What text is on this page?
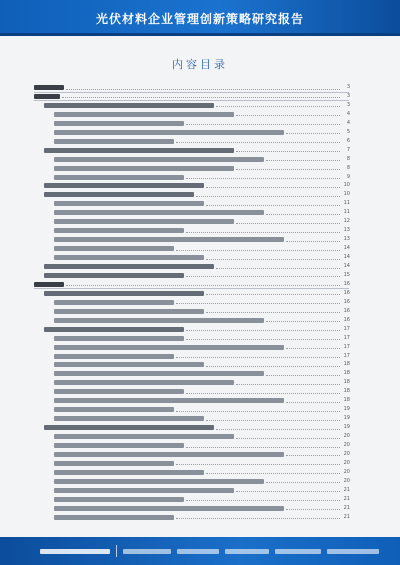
光伏材料企业管理创新策略研究报告
内容目录
3
3
3
4
4
5
6
7
8
8
9
10
10
11
11
12
13
13
14
14
14
15
16
16
16
16
16
17
17
17
17
18
18
18
18
18
19
19
19
20
20
20
20
20
20
21
21
21
21
